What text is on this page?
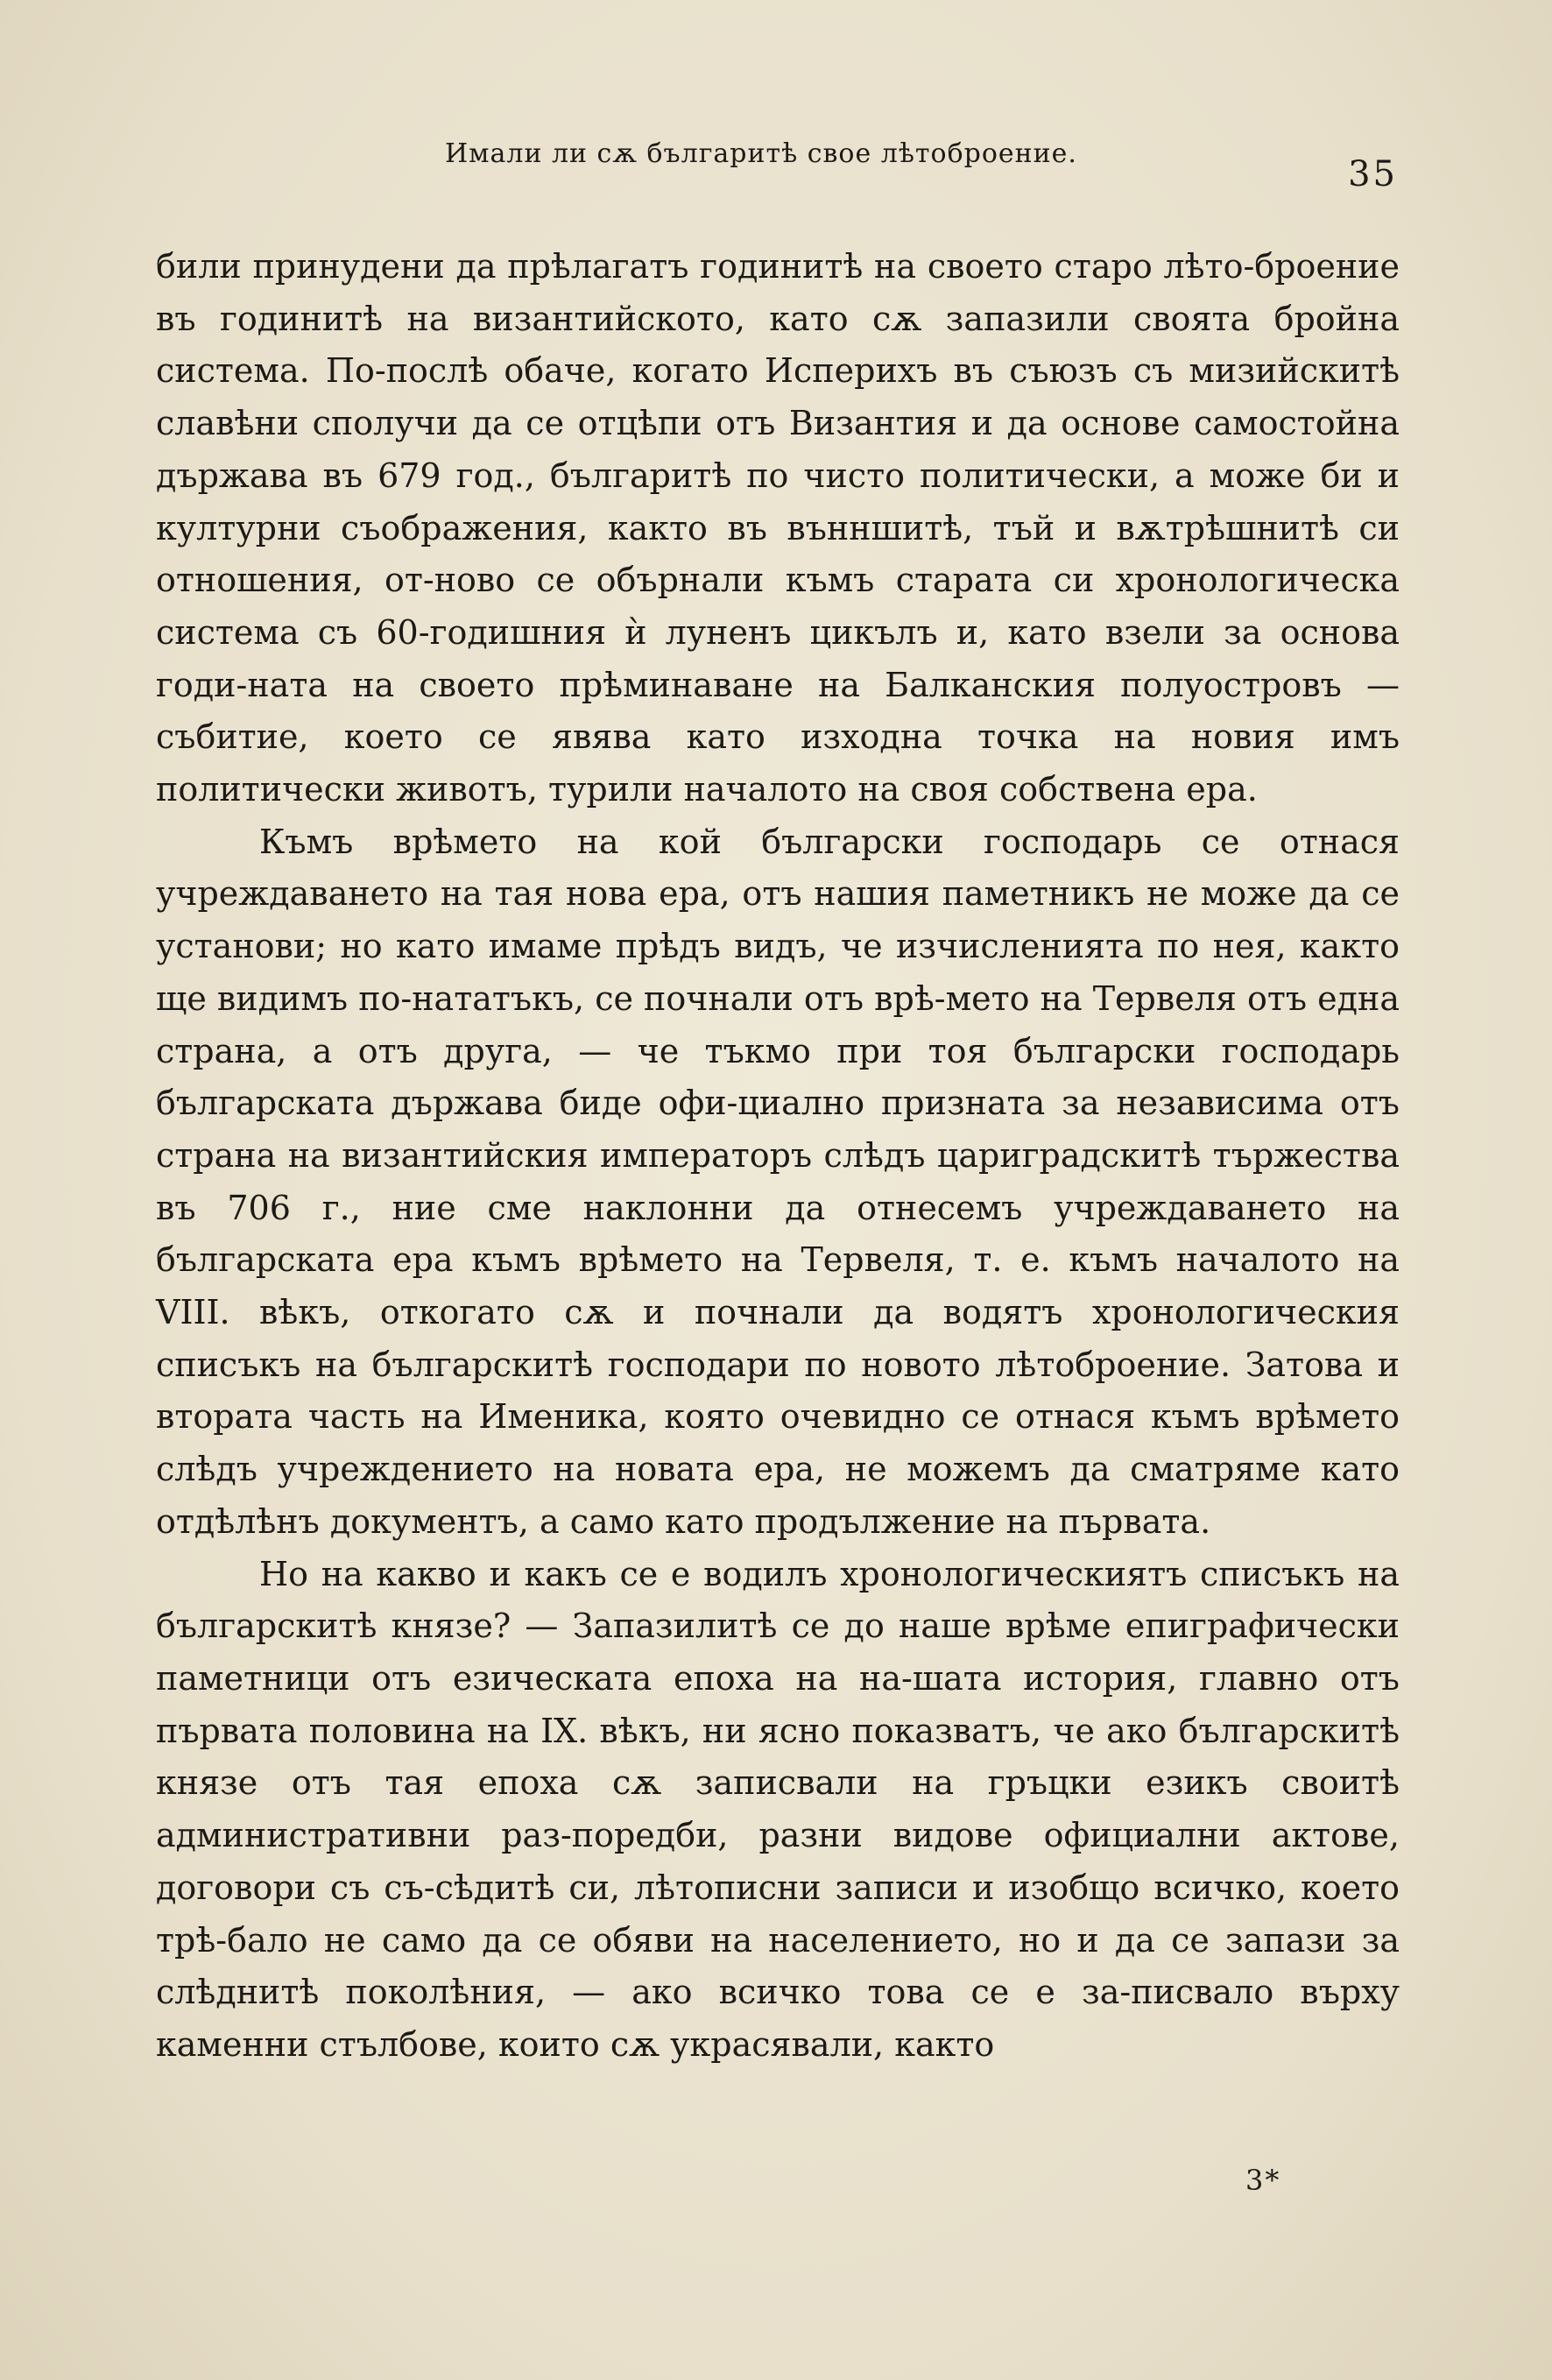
Имали ли сѫ българитѣ свое лѣтоброение.
35

били принудени да прѣлагатъ годинитѣ на своето старо лѣто-броение въ годинитѣ на византийското, като сѫ запазили своята бройна система. По-послѣ обаче, когато Исперихъ въ съюзъ съ мизийскитѣ славѣни сполучи да се отцѣпи отъ Византия и да основе самостойна държава въ 679 год., българитѣ по чисто политически, а може би и културни съображения, както въ вънншитѣ, тъй и вѫтрѣшнитѣ си отношения, от-ново се обърнали къмъ старата си хронологическа система съ 60-годишния ѝ луненъ цикълъ и, като взели за основа годи-ната на своето прѣминаване на Балканския полуостровъ — събитие, което се явява като изходна точка на новия имъ политически животъ, турили началото на своя собствена ера.

Къмъ врѣмето на кой български господарь се отнася учреждаването на тая нова ера, отъ нашия паметникъ не може да се установи; но като имаме прѣдъ видъ, че изчисленията по нея, както ще видимъ по-нататъкъ, се почнали отъ врѣ-мето на Тервеля отъ една страна, а отъ друга, — че тъкмо при тоя български господарь българската държава биде офи-циално призната за независима отъ страна на византийския императоръ слѣдъ цариградскитѣ тържества въ 706 г., ние сме наклонни да отнесемъ учреждаването на българската ера къмъ врѣмето на Тервеля, т. е. къмъ началото на VIII. вѣкъ, откогато сѫ и почнали да водятъ хронологическия списъкъ на българскитѣ господари по новото лѣтоброение. Затова и втората часть на Именика, която очевидно се отнася къмъ врѣмето слѣдъ учреждението на новата ера, не можемъ да сматряме като отдѣлѣнъ документъ, а само като продължение на първата.

Но на какво и какъ се е водилъ хронологическиятъ списъкъ на българскитѣ князе? — Запазилитѣ се до наше врѣме епиграфически паметници отъ езическата епоха на на-шата история, главно отъ първата половина на IX. вѣкъ, ни ясно показватъ, че ако българскитѣ князе отъ тая епоха сѫ записвали на гръцки езикъ своитѣ административни раз-поредби, разни видове официални актове, договори съ съ-сѣдитѣ си, лѣтописни записи и изобщо всичко, което трѣ-бало не само да се обяви на населението, но и да се запази за слѣднитѣ поколѣния, — ако всичко това се е за-писвало върху каменни стълбове, които сѫ украсявали, както

3*
